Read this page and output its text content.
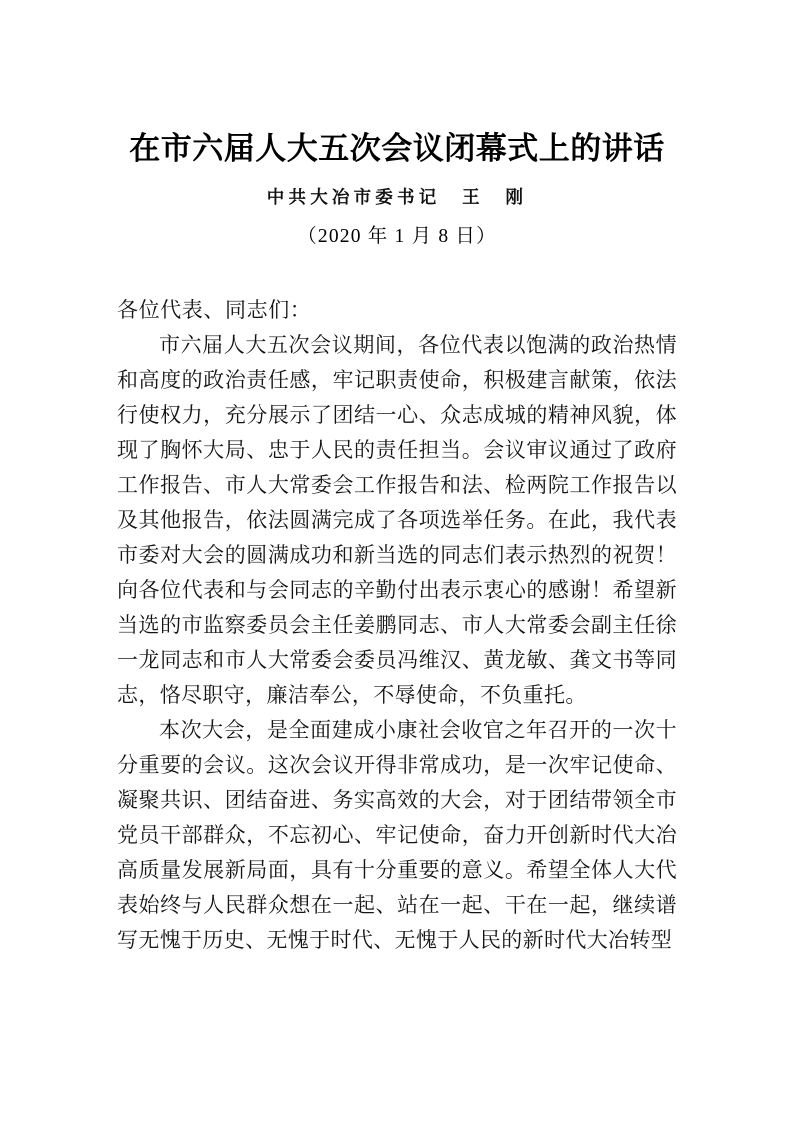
在市六届人大五次会议闭幕式上的讲话
中共大冶市委书记　王　刚
（2020 年 1 月 8 日）

各位代表、同志们：

市六届人大五次会议期间，各位代表以饱满的政治热情和高度的政治责任感，牢记职责使命，积极建言献策，依法行使权力，充分展示了团结一心、众志成城的精神风貌，体现了胸怀大局、忠于人民的责任担当。会议审议通过了政府工作报告、市人大常委会工作报告和法、检两院工作报告以及其他报告，依法圆满完成了各项选举任务。在此，我代表市委对大会的圆满成功和新当选的同志们表示热烈的祝贺！向各位代表和与会同志的辛勤付出表示衷心的感谢！希望新当选的市监察委员会主任姜鹏同志、市人大常委会副主任徐一龙同志和市人大常委会委员冯维汉、黄龙敏、龚文书等同志，恪尽职守，廉洁奉公，不辱使命，不负重托。

本次大会，是全面建成小康社会收官之年召开的一次十分重要的会议。这次会议开得非常成功，是一次牢记使命、凝聚共识、团结奋进、务实高效的大会，对于团结带领全市党员干部群众，不忘初心、牢记使命，奋力开创新时代大冶高质量发展新局面，具有十分重要的意义。希望全体人大代表始终与人民群众想在一起、站在一起、干在一起，继续谱写无愧于历史、无愧于时代、无愧于人民的新时代大冶转型
